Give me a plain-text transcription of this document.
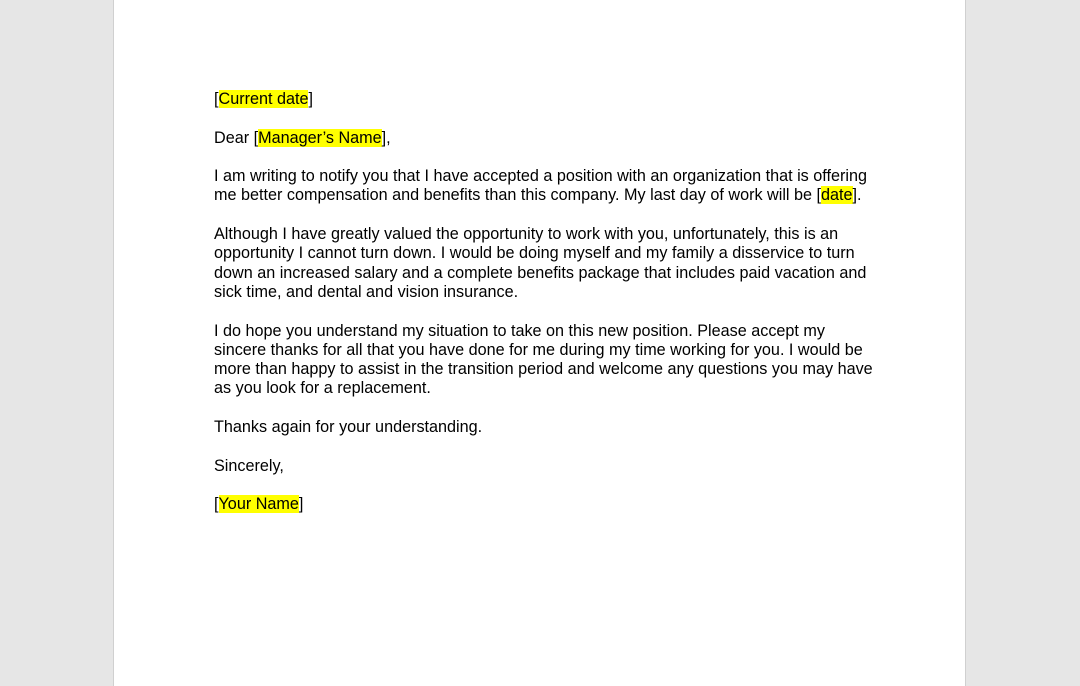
[Current date]

Dear [Manager’s Name],

I am writing to notify you that I have accepted a position with an organization that is offering me better compensation and benefits than this company. My last day of work will be [date].

Although I have greatly valued the opportunity to work with you, unfortunately, this is an opportunity I cannot turn down. I would be doing myself and my family a disservice to turn down an increased salary and a complete benefits package that includes paid vacation and sick time, and dental and vision insurance.

I do hope you understand my situation to take on this new position. Please accept my sincere thanks for all that you have done for me during my time working for you. I would be more than happy to assist in the transition period and welcome any questions you may have as you look for a replacement.

Thanks again for your understanding.

Sincerely,

[Your Name]
